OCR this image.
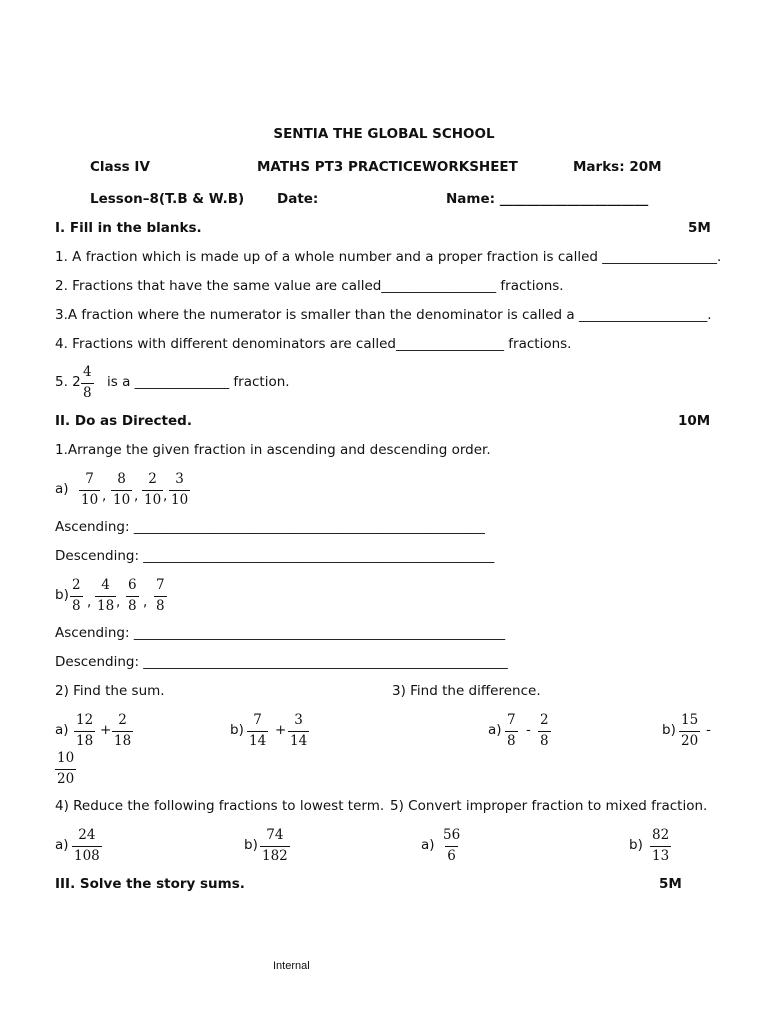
SENTIA THE GLOBAL SCHOOL
Class IV	MATHS PT3 PRACTICEWORKSHEET	Marks: 20M
Lesson–8(T.B & W.B) Date:	Name: ______________________
I. Fill in the blanks.	5M
1. A fraction which is made up of a whole number and a proper fraction is called _________________.
2. Fractions that have the same value are called_________________ fractions.
3.A fraction where the numerator is smaller than the denominator is called a ___________________.
4. Fractions with different denominators are called________________ fractions.
5. $2 \frac{4}{8}$ is a ______________ fraction.
II. Do as Directed.	10M
1.Arrange the given fraction in ascending and descending order.
$a) \frac{7}{10}$ , $\frac{8}{10}$ , $\frac{2}{10}$ , $\frac{3}{10}$
Ascending: ____________________________________________________
Descending: ____________________________________________________
$b) \frac{2}{8}$ , $\frac{4}{18}$ , $\frac{6}{8}$ , $\frac{7}{8}$
Ascending: _______________________________________________________
Descending: ______________________________________________________
2) Find the sum.	3) Find the difference.
$a) \frac{12}{18} + \frac{2}{18}$	$b) \frac{7}{14} + \frac{3}{14}$	$a) \frac{7}{8} - \frac{2}{8}$	$b) \frac{15}{20}$ -
$\frac{10}{20}$
4) Reduce the following fractions to lowest term. 5) Convert improper fraction to mixed fraction.
$a) \frac{24}{108}$	$b) \frac{74}{182}$	$a) \frac{56}{6}$	$b) \frac{82}{13}$
III. Solve the story sums.	5M
Internal
